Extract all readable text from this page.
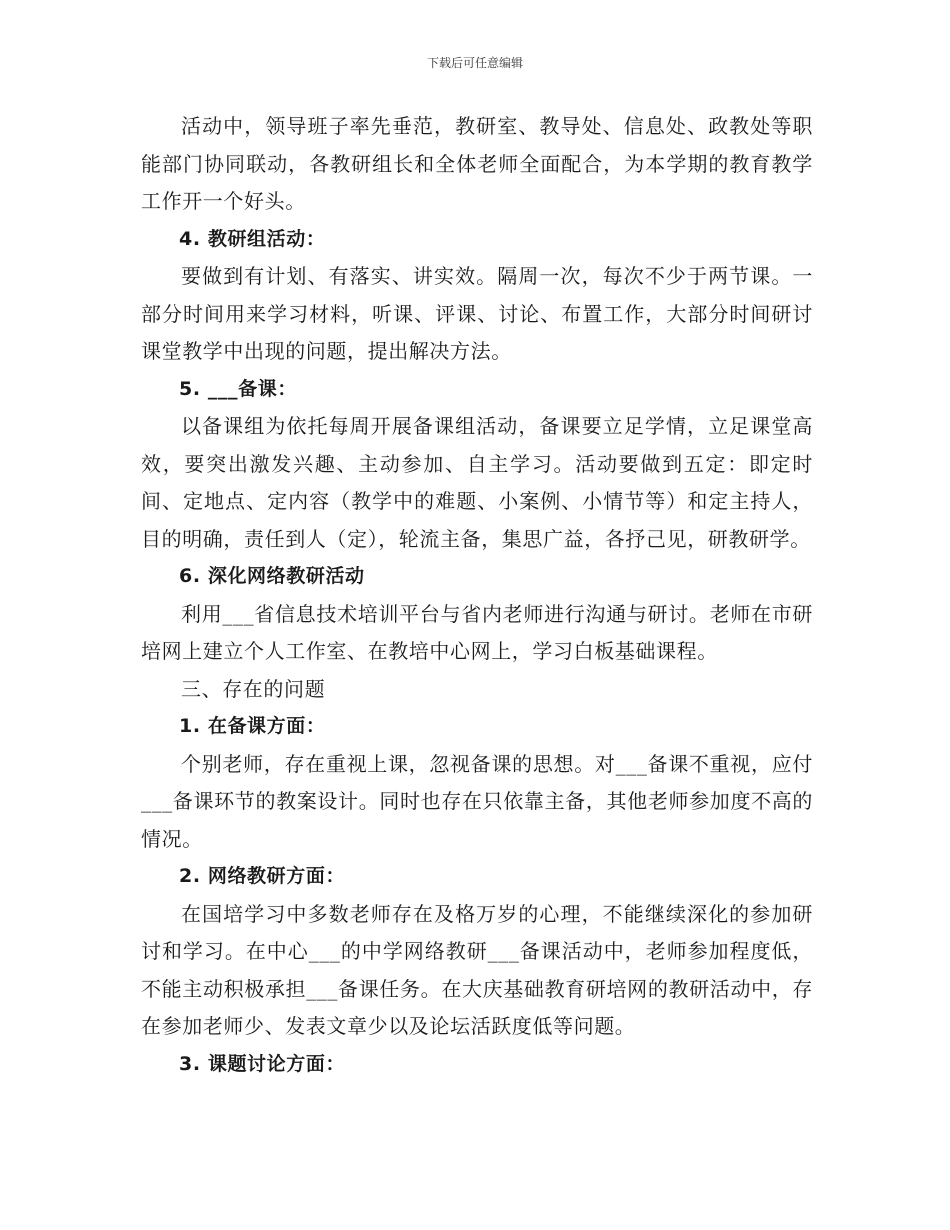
下载后可任意编辑

活动中，领导班子率先垂范，教研室、教导处、信息处、政教处等职能部门协同联动，各教研组长和全体老师全面配合，为本学期的教育教学工作开一个好头。

4. 教研组活动：

要做到有计划、有落实、讲实效。隔周一次，每次不少于两节课。一部分时间用来学习材料，听课、评课、讨论、布置工作，大部分时间研讨课堂教学中出现的问题，提出解决方法。

5. ___备课：

以备课组为依托每周开展备课组活动，备课要立足学情，立足课堂高效，要突出激发兴趣、主动参加、自主学习。活动要做到五定：即定时间、定地点、定内容（教学中的难题、小案例、小情节等）和定主持人，目的明确，责任到人（定），轮流主备，集思广益，各抒己见，研教研学。

6. 深化网络教研活动

利用___省信息技术培训平台与省内老师进行沟通与研讨。老师在市研培网上建立个人工作室、在教培中心网上，学习白板基础课程。

三、存在的问题

1. 在备课方面：

个别老师，存在重视上课，忽视备课的思想。对___备课不重视，应付___备课环节的教案设计。同时也存在只依靠主备，其他老师参加度不高的情况。

2. 网络教研方面：

在国培学习中多数老师存在及格万岁的心理，不能继续深化的参加研讨和学习。在中心___的中学网络教研___备课活动中，老师参加程度低，不能主动积极承担___备课任务。在大庆基础教育研培网的教研活动中，存在参加老师少、发表文章少以及论坛活跃度低等问题。

3. 课题讨论方面：
